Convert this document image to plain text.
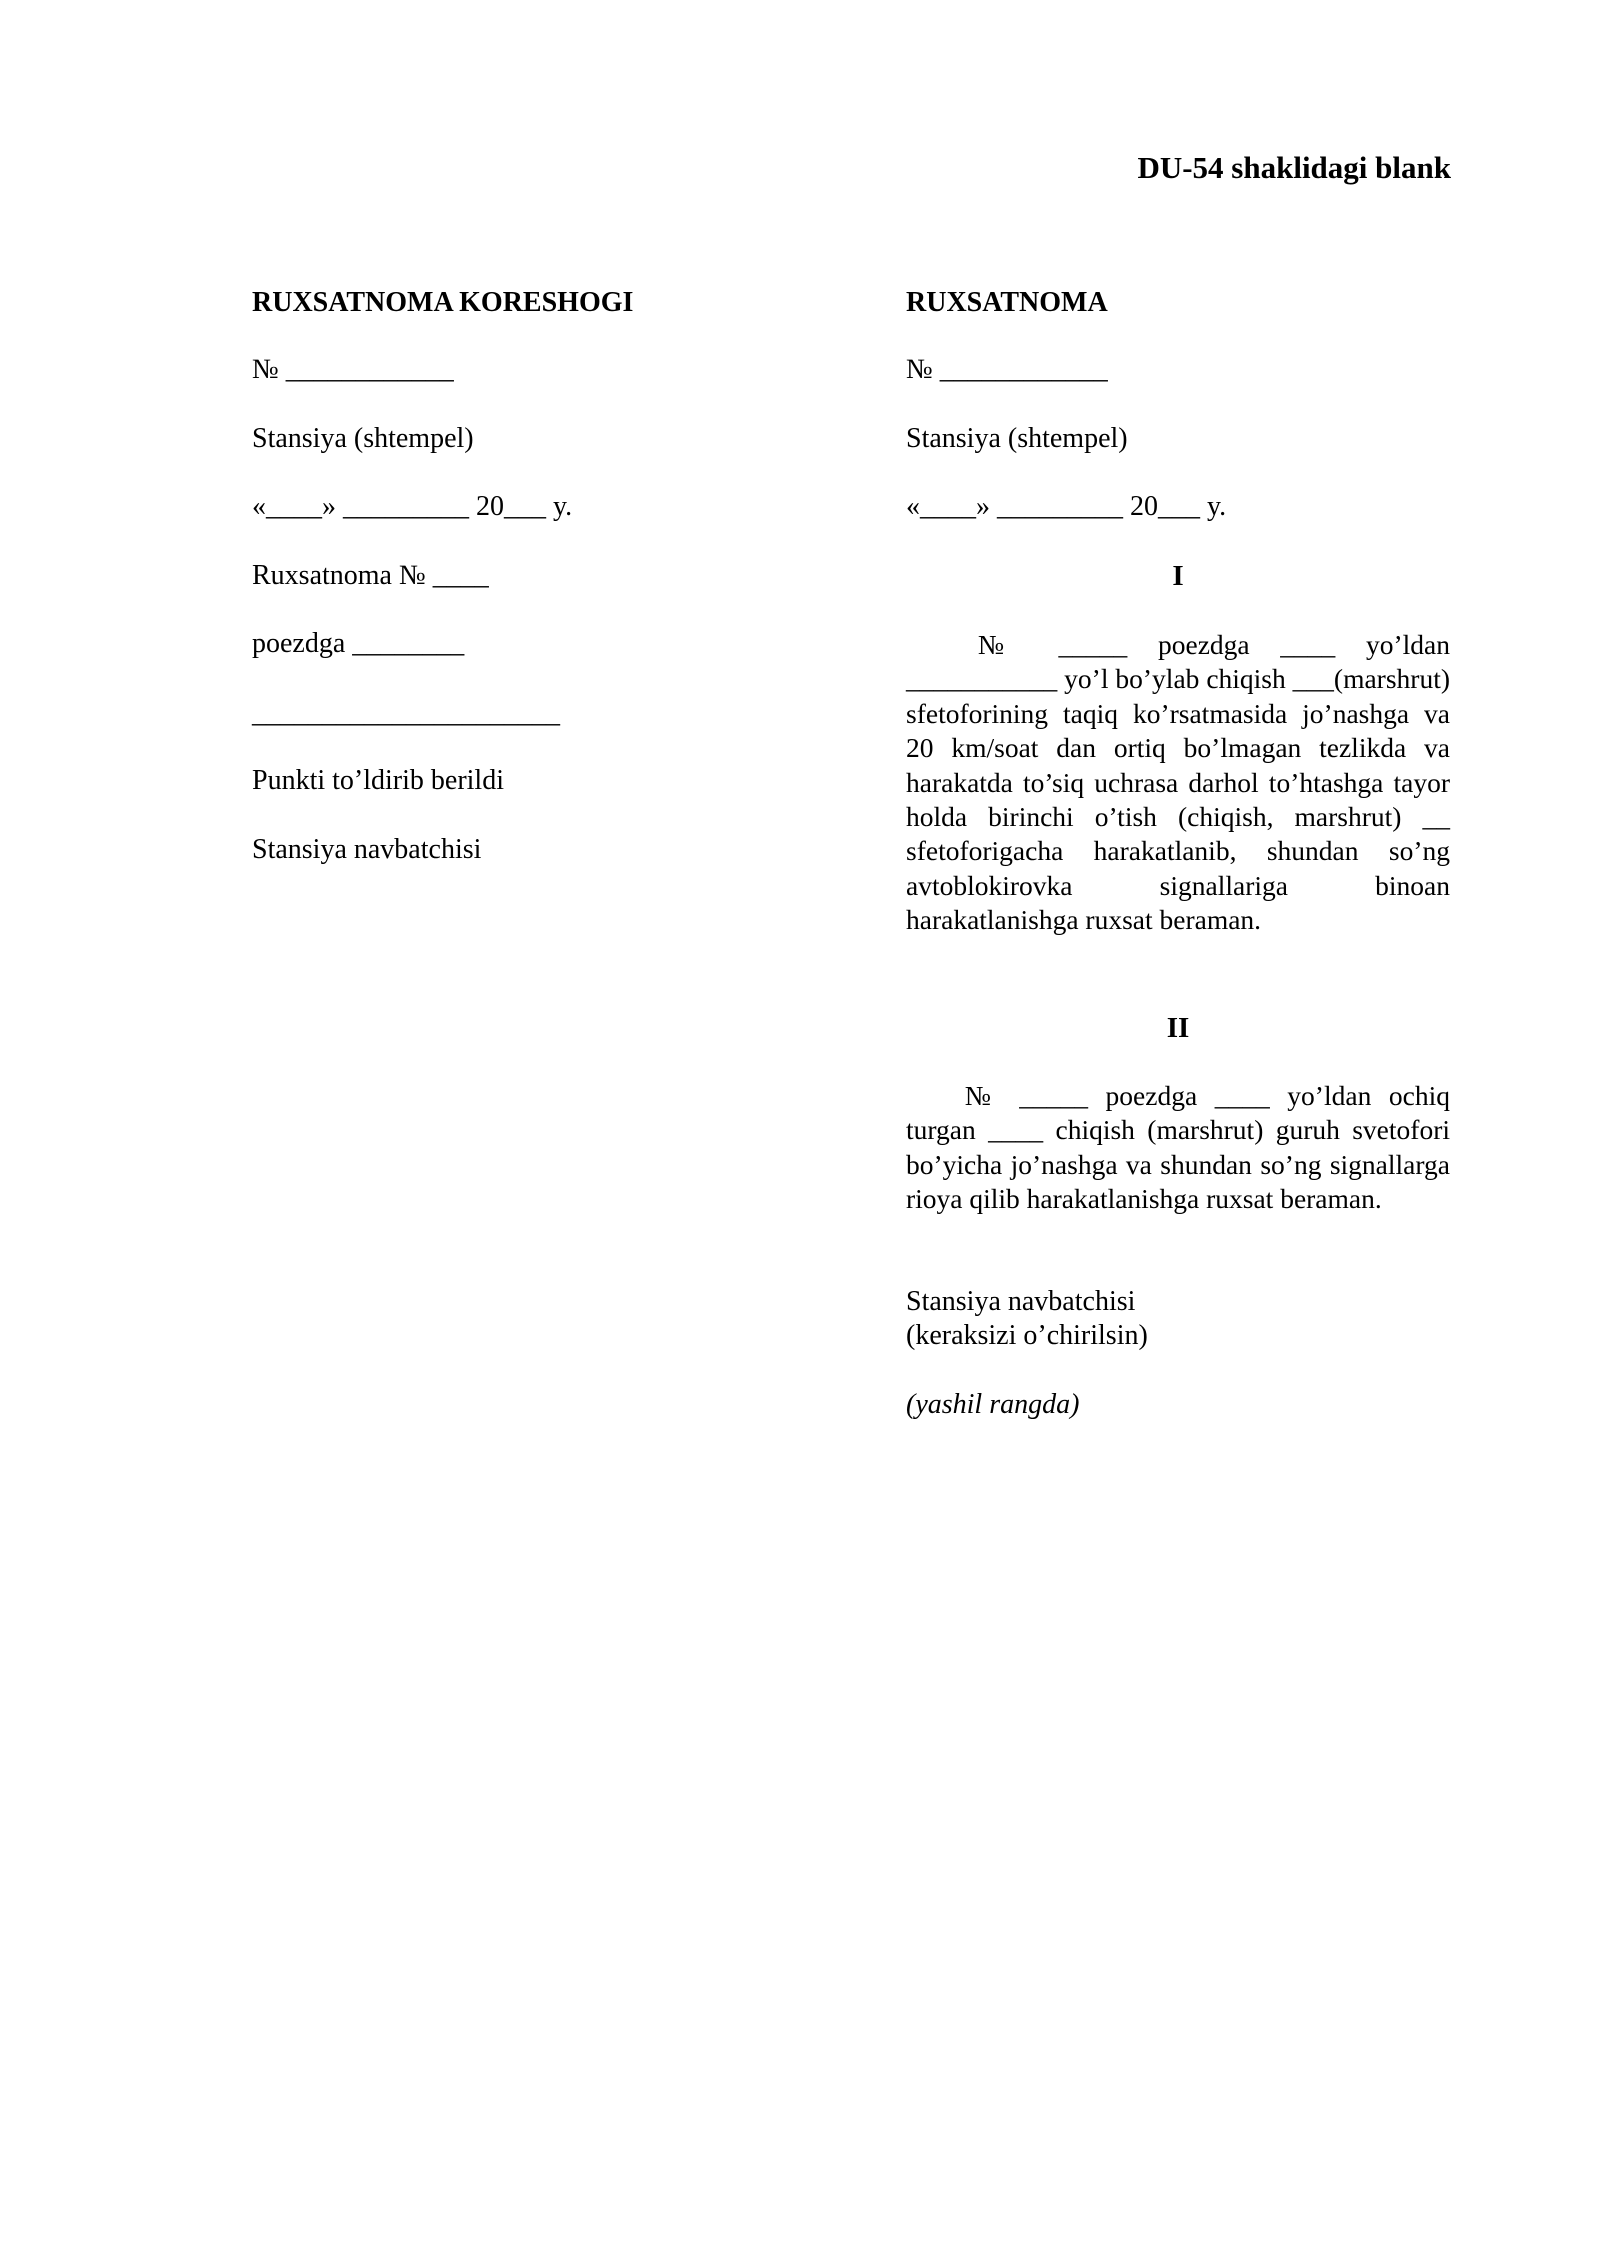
DU-54 shaklidagi blank
RUXSATNOMA KORESHOGI
№ ____________
Stansiya (shtempel)
«____» _________ 20___ y.
Ruxsatnoma № ____
poezdga ________
______________________
Punkti to’ldirib berildi
Stansiya navbatchisi
RUXSATNOMA
№ ____________
Stansiya (shtempel)
«____» _________ 20___ y.
I
№ _____ poezdga ____ yo’ldan ___________ yo’l bo’ylab chiqish ___(marshrut) sfetoforining taqiq ko’rsatmasida jo’nashga va 20 km/soat dan ortiq bo’lmagan tezlikda va harakatda to’siq uchrasa darhol to’htashga tayor holda birinchi o’tish (chiqish, marshrut) __ sfetoforigacha harakatlanib, shundan so’ng avtoblokirovka signallariga binoan harakatlanishga ruxsat beraman.
II
№ _____ poezdga ____ yo’ldan ochiq turgan ____ chiqish (marshrut) guruh svetofori bo’yicha jo’nashga va shundan so’ng signallarga rioya qilib harakatlanishga ruxsat beraman.
Stansiya navbatchisi
(keraksizi o’chirilsin)
(yashil rangda)
